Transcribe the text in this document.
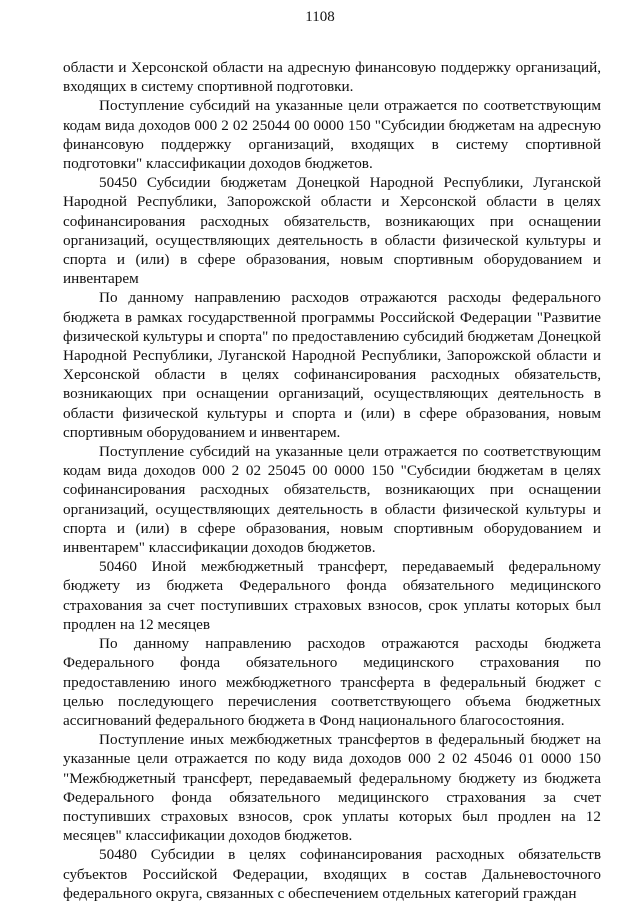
1108

области и Херсонской области на адресную финансовую поддержку организаций, входящих в систему спортивной подготовки.

Поступление субсидий на указанные цели отражается по соответствующим кодам вида доходов 000 2 02 25044 00 0000 150 "Субсидии бюджетам на адресную финансовую поддержку организаций, входящих в систему спортивной подготовки" классификации доходов бюджетов.

50450 Субсидии бюджетам Донецкой Народной Республики, Луганской Народной Республики, Запорожской области и Херсонской области в целях софинансирования расходных обязательств, возникающих при оснащении организаций, осуществляющих деятельность в области физической культуры и спорта и (или) в сфере образования, новым спортивным оборудованием и инвентарем

По данному направлению расходов отражаются расходы федерального бюджета в рамках государственной программы Российской Федерации "Развитие физической культуры и спорта" по предоставлению субсидий бюджетам Донецкой Народной Республики, Луганской Народной Республики, Запорожской области и Херсонской области в целях софинансирования расходных обязательств, возникающих при оснащении организаций, осуществляющих деятельность в области физической культуры и спорта и (или) в сфере образования, новым спортивным оборудованием и инвентарем.

Поступление субсидий на указанные цели отражается по соответствующим кодам вида доходов 000 2 02 25045 00 0000 150 "Субсидии бюджетам в целях софинансирования расходных обязательств, возникающих при оснащении организаций, осуществляющих деятельность в области физической культуры и спорта и (или) в сфере образования, новым спортивным оборудованием и инвентарем" классификации доходов бюджетов.

50460 Иной межбюджетный трансферт, передаваемый федеральному бюджету из бюджета Федерального фонда обязательного медицинского страхования за счет поступивших страховых взносов, срок уплаты которых был продлен на 12 месяцев

По данному направлению расходов отражаются расходы бюджета Федерального фонда обязательного медицинского страхования по предоставлению иного межбюджетного трансферта в федеральный бюджет с целью последующего перечисления соответствующего объема бюджетных ассигнований федерального бюджета в Фонд национального благосостояния.

Поступление иных межбюджетных трансфертов в федеральный бюджет на указанные цели отражается по коду вида доходов 000 2 02 45046 01 0000 150 "Межбюджетный трансферт, передаваемый федеральному бюджету из бюджета Федерального фонда обязательного медицинского страхования за счет поступивших страховых взносов, срок уплаты которых был продлен на 12 месяцев" классификации доходов бюджетов.

50480 Субсидии в целях софинансирования расходных обязательств субъектов Российской Федерации, входящих в состав Дальневосточного федерального округа, связанных с обеспечением отдельных категорий граждан
